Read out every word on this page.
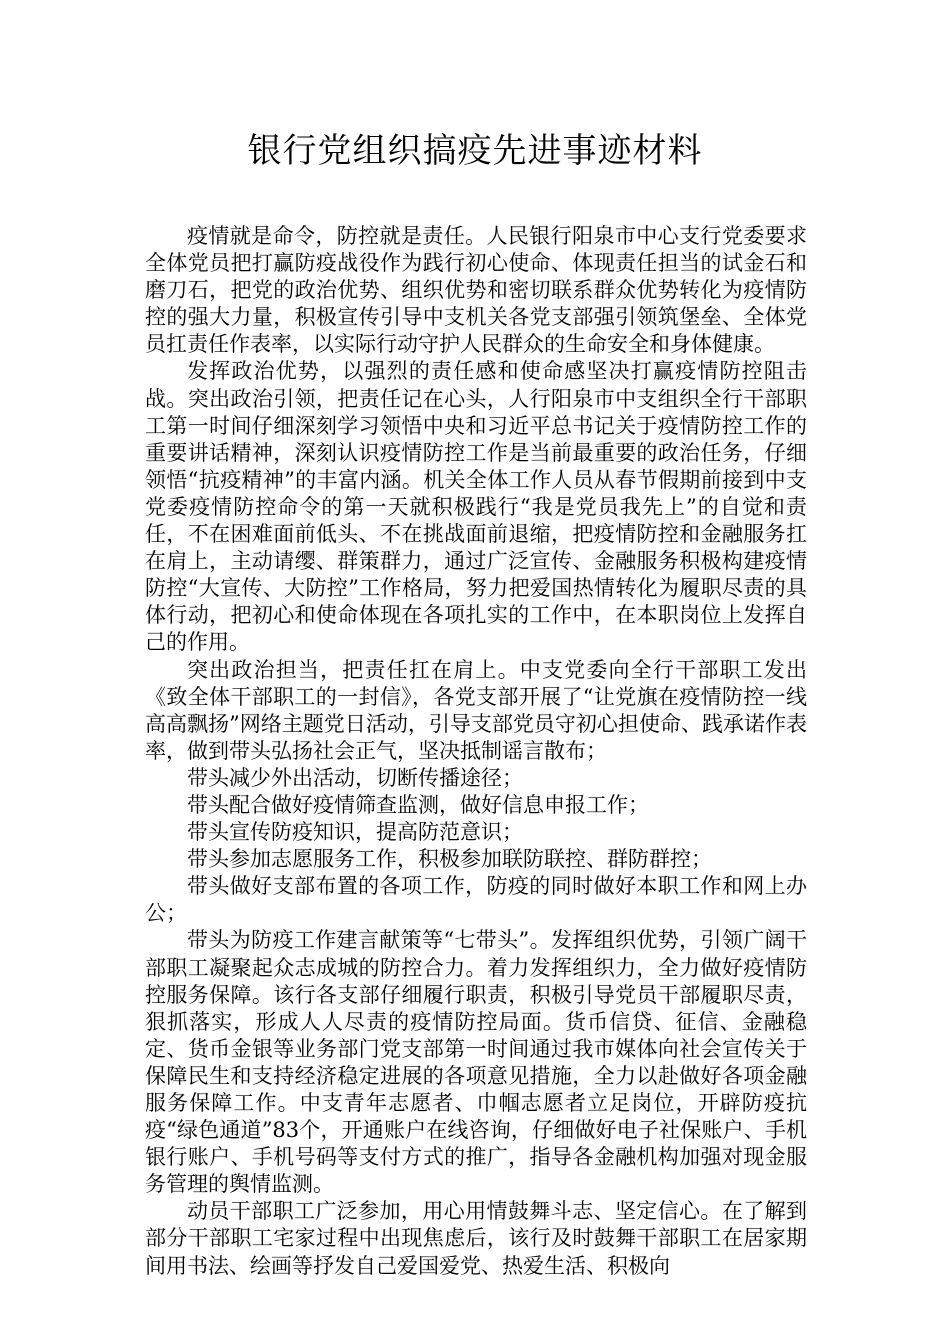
银行党组织搞疫先进事迹材料

疫情就是命令，防控就是责任。人民银行阳泉市中心支行党委要求全体党员把打赢防疫战役作为践行初心使命、体现责任担当的试金石和磨刀石，把党的政治优势、组织优势和密切联系群众优势转化为疫情防控的强大力量，积极宣传引导中支机关各党支部强引领筑堡垒、全体党员扛责任作表率，以实际行动守护人民群众的生命安全和身体健康。

发挥政治优势，以强烈的责任感和使命感坚决打赢疫情防控阻击战。突出政治引领，把责任记在心头，人行阳泉市中支组织全行干部职工第一时间仔细深刻学习领悟中央和习近平总书记关于疫情防控工作的重要讲话精神，深刻认识疫情防控工作是当前最重要的政治任务，仔细领悟“抗疫精神”的丰富内涵。机关全体工作人员从春节假期前接到中支党委疫情防控命令的第一天就积极践行“我是党员我先上”的自觉和责任，不在困难面前低头、不在挑战面前退缩，把疫情防控和金融服务扛在肩上，主动请缨、群策群力，通过广泛宣传、金融服务积极构建疫情防控“大宣传、大防控”工作格局，努力把爱国热情转化为履职尽责的具体行动，把初心和使命体现在各项扎实的工作中，在本职岗位上发挥自己的作用。

突出政治担当，把责任扛在肩上。中支党委向全行干部职工发出《致全体干部职工的一封信》，各党支部开展了“让党旗在疫情防控一线高高飘扬”网络主题党日活动，引导支部党员守初心担使命、践承诺作表率，做到带头弘扬社会正气，坚决抵制谣言散布；

带头减少外出活动，切断传播途径；

带头配合做好疫情筛查监测，做好信息申报工作；

带头宣传防疫知识，提高防范意识；

带头参加志愿服务工作，积极参加联防联控、群防群控；

带头做好支部布置的各项工作，防疫的同时做好本职工作和网上办公；

带头为防疫工作建言献策等“七带头”。发挥组织优势，引领广阔干部职工凝聚起众志成城的防控合力。着力发挥组织力，全力做好疫情防控服务保障。该行各支部仔细履行职责，积极引导党员干部履职尽责，狠抓落实，形成人人尽责的疫情防控局面。货币信贷、征信、金融稳定、货币金银等业务部门党支部第一时间通过我市媒体向社会宣传关于保障民生和支持经济稳定进展的各项意见措施，全力以赴做好各项金融服务保障工作。中支青年志愿者、巾帼志愿者立足岗位，开辟防疫抗疫“绿色通道”83个，开通账户在线咨询，仔细做好电子社保账户、手机银行账户、手机号码等支付方式的推广，指导各金融机构加强对现金服务管理的舆情监测。

动员干部职工广泛参加，用心用情鼓舞斗志、坚定信心。在了解到部分干部职工宅家过程中出现焦虑后，该行及时鼓舞干部职工在居家期间用书法、绘画等抒发自己爱国爱党、热爱生活、积极向
